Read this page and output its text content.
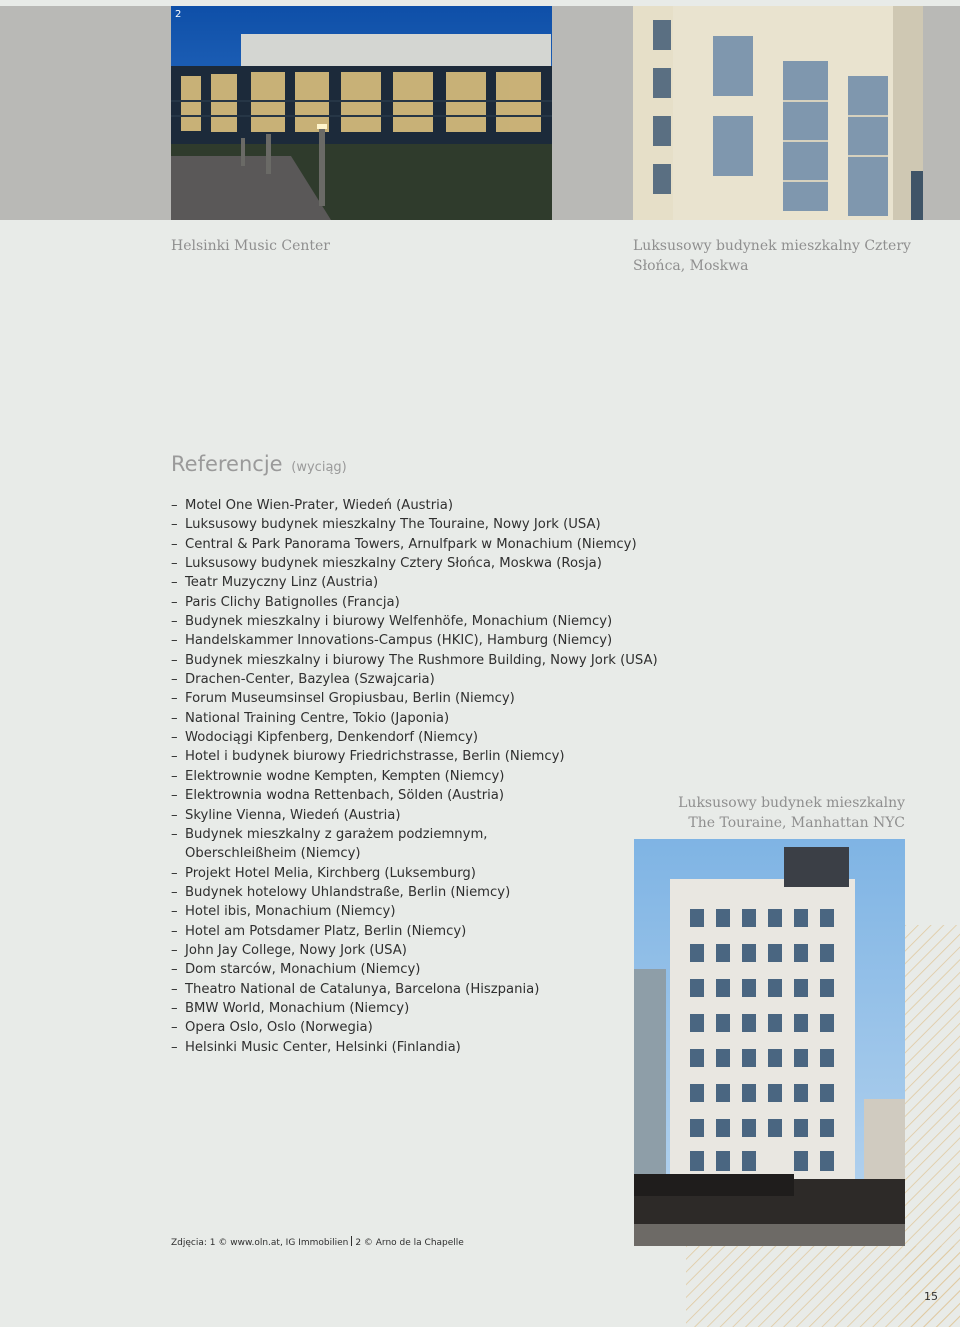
2
Helsinki Music Center	Luksusowy budynek mieszkalny Cztery Słońca, Moskwa
Luksusowy budynek mieszkalny The Touraine, Manhattan NYC
Referencje (wyciąg)
– Motel One Wien-Prater, Wiedeń (Austria)
– Luksusowy budynek mieszkalny The Touraine, Nowy Jork (USA)
– Central & Park Panorama Towers, Arnulfpark w Monachium (Niemcy)
– Luksusowy budynek mieszkalny Cztery Słońca, Moskwa (Rosja)
– Teatr Muzyczny Linz (Austria)
– Paris Clichy Batignolles (Francja)
– Budynek mieszkalny i biurowy Welfenhöfe, Monachium (Niemcy)
– Handelskammer Innovations-Campus (HKIC), Hamburg (Niemcy)
– Budynek mieszkalny i biurowy The Rushmore Building, Nowy Jork (USA)
– Drachen-Center, Bazylea (Szwajcaria)
– Forum Museumsinsel Gropiusbau, Berlin (Niemcy)
– National Training Centre, Tokio (Japonia)
– Wodociągi Kipfenberg, Denkendorf (Niemcy)
– Hotel i budynek biurowy Friedrichstrasse, Berlin (Niemcy)
– Elektrownie wodne Kempten, Kempten (Niemcy)
– Elektrownia wodna Rettenbach, Sölden (Austria)
– Skyline Vienna, Wiedeń (Austria)
– Budynek mieszkalny z garażem podziemnym,
Oberschleißheim (Niemcy)
– Projekt Hotel Melia, Kirchberg (Luksemburg)
– Budynek hotelowy Uhlandstraße, Berlin (Niemcy)
– Hotel ibis, Monachium (Niemcy)
– Hotel am Potsdamer Platz, Berlin (Niemcy)
– John Jay College, Nowy Jork (USA)
– Dom starców, Monachium (Niemcy)
– Theatro National de Catalunya, Barcelona (Hiszpania)
– BMW World, Monachium (Niemcy)
– Opera Oslo, Oslo (Norwegia)
– Helsinki Music Center, Helsinki (Finlandia)
Zdjęcia: 1 © www.oln.at, IG Immobilien 2 © Arno de la Chapelle
15
